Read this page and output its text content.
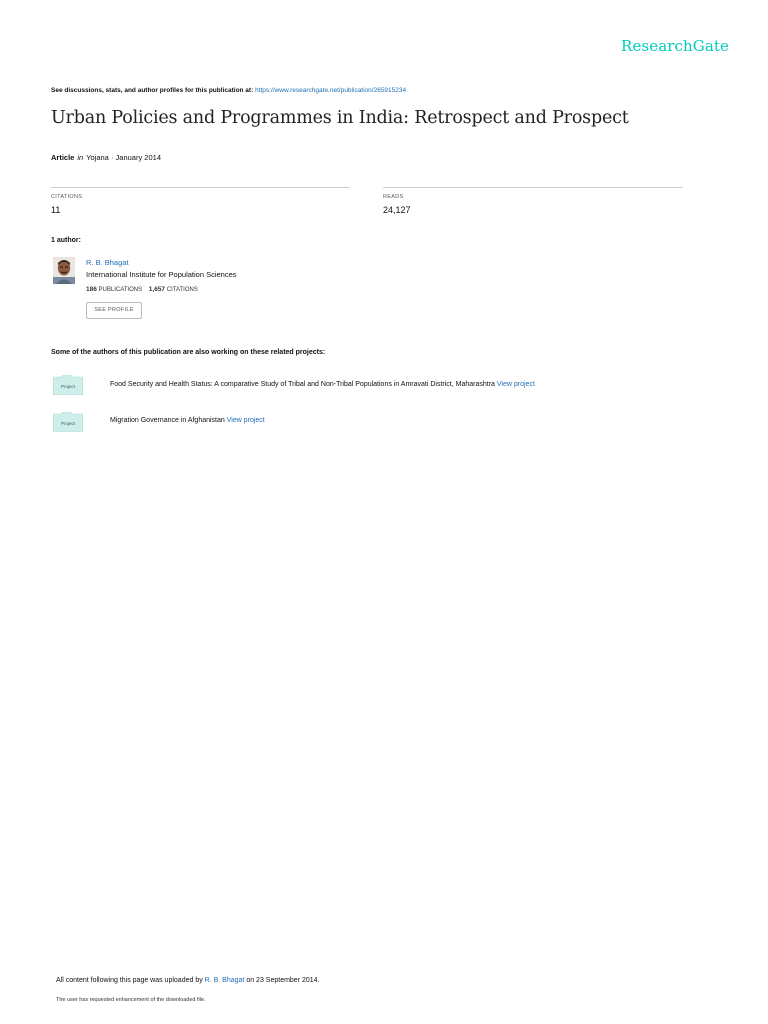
ResearchGate
See discussions, stats, and author profiles for this publication at: https://www.researchgate.net/publication/265915234
Urban Policies and Programmes in India: Retrospect and Prospect
Article in Yojana · January 2014
CITATIONS
11
READS
24,127
1 author:
R. B. Bhagat
International Institute for Population Sciences
186 PUBLICATIONS 1,657 CITATIONS
SEE PROFILE
Some of the authors of this publication are also working on these related projects:
Project	Food Security and Health Status: A comparative Study of Tribal and Non-Tribal Populations in Amravati District, Maharashtra View project
Project	Migration Governance in Afghanistan View project
All content following this page was uploaded by R. B. Bhagat on 23 September 2014.
The user has requested enhancement of the downloaded file.
